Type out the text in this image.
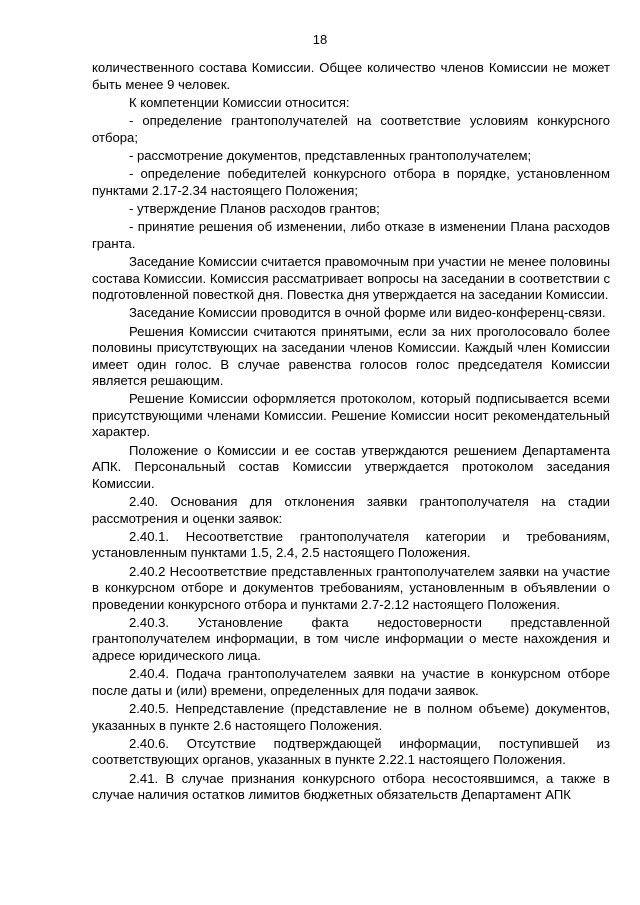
18

количественного состава Комиссии. Общее количество членов Комиссии не может быть менее 9 человек.

К компетенции Комиссии относится:

- определение грантополучателей на соответствие условиям конкурсного отбора;

- рассмотрение документов, представленных грантополучателем;

- определение победителей конкурсного отбора в порядке, установленном пунктами 2.17-2.34 настоящего Положения;

- утверждение Планов расходов грантов;

- принятие решения об изменении, либо отказе в изменении Плана расходов гранта.

Заседание Комиссии считается правомочным при участии не менее половины состава Комиссии. Комиссия рассматривает вопросы на заседании в соответствии с подготовленной повесткой дня. Повестка дня утверждается на заседании Комиссии.

Заседание Комиссии проводится в очной форме или видео-конференц-связи.

Решения Комиссии считаются принятыми, если за них проголосовало более половины присутствующих на заседании членов Комиссии. Каждый член Комиссии имеет один голос. В случае равенства голосов голос председателя Комиссии является решающим.

Решение Комиссии оформляется протоколом, который подписывается всеми присутствующими членами Комиссии. Решение Комиссии носит рекомендательный характер.

Положение о Комиссии и ее состав утверждаются решением Департамента АПК. Персональный состав Комиссии утверждается протоколом заседания Комиссии.

2.40. Основания для отклонения заявки грантополучателя на стадии рассмотрения и оценки заявок:

2.40.1. Несоответствие грантополучателя категории и требованиям, установленным пунктами 1.5, 2.4, 2.5 настоящего Положения.

2.40.2 Несоответствие представленных грантополучателем заявки на участие в конкурсном отборе и документов требованиям, установленным в объявлении о проведении конкурсного отбора и пунктами 2.7-2.12 настоящего Положения.

2.40.3. Установление факта недостоверности представленной грантополучателем информации, в том числе информации о месте нахождения и адресе юридического лица.

2.40.4. Подача грантополучателем заявки на участие в конкурсном отборе после даты и (или) времени, определенных для подачи заявок.

2.40.5. Непредставление (представление не в полном объеме) документов, указанных в пункте 2.6 настоящего Положения.

2.40.6. Отсутствие подтверждающей информации, поступившей из соответствующих органов, указанных в пункте 2.22.1 настоящего Положения.

2.41. В случае признания конкурсного отбора несостоявшимся, а также в случае наличия остатков лимитов бюджетных обязательств Департамент АПК
